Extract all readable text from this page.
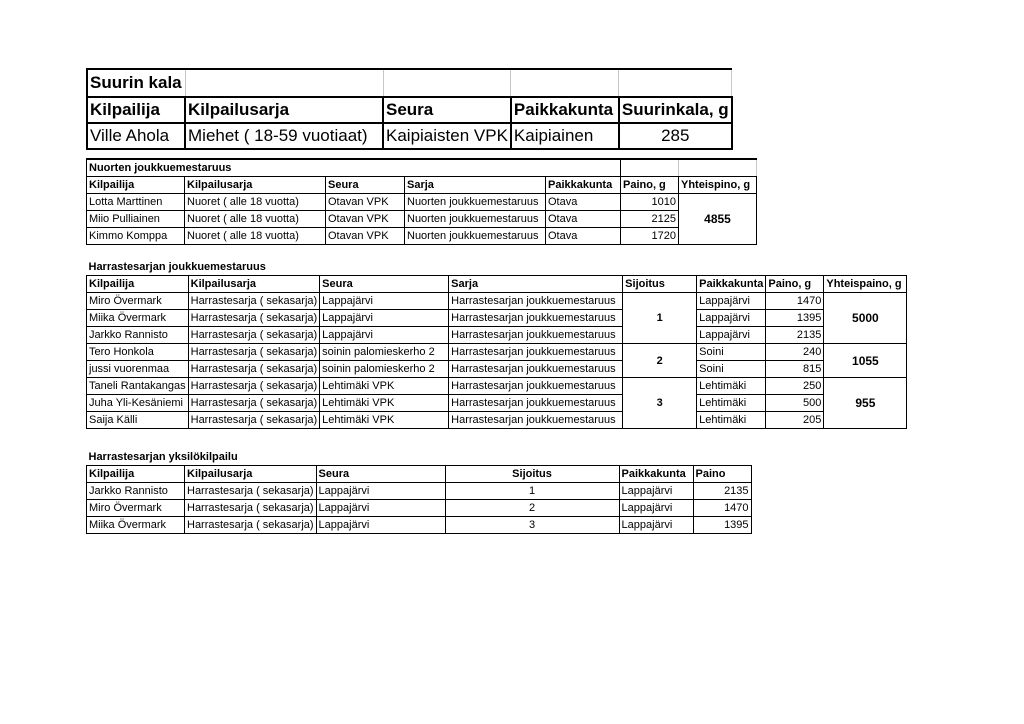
Suurin kala				
Kilpailija	Kilpailusarja	Seura	Paikkakunta	Suurinkala, g
Ville Ahola	Miehet ( 18-59 vuotiaat)	Kaipiaisten VPK	Kaipiainen	285
Nuorten joukkuemestaruus						
Kilpailija	Kilpailusarja	Seura	Sarja	Paikkakunta	Paino, g	Yhteispino, g
Lotta Marttinen	Nuoret ( alle 18 vuotta)	Otavan VPK	Nuorten joukkuemestaruus	Otava	1010	4855
Miio Pulliainen	Nuoret ( alle 18 vuotta)	Otavan VPK	Nuorten joukkuemestaruus	Otava	2125	
Kimmo Komppa	Nuoret ( alle 18 vuotta)	Otavan VPK	Nuorten joukkuemestaruus	Otava	1720	
Harrastesarjan joukkuemestaruus							
Kilpailija	Kilpailusarja	Seura	Sarja	Sijoitus	Paikkakunta	Paino, g	Yhteispaino, g
Miro Övermark	Harrastesarja ( sekasarja)	Lappajärvi	Harrastesarjan joukkuemestaruus	1	Lappajärvi	1470	5000
Miika Övermark	Harrastesarja ( sekasarja)	Lappajärvi	Harrastesarjan joukkuemestaruus		Lappajärvi	1395	
Jarkko Rannisto	Harrastesarja ( sekasarja)	Lappajärvi	Harrastesarjan joukkuemestaruus		Lappajärvi	2135	
Tero Honkola	Harrastesarja ( sekasarja)	soinin palomieskerho 2	Harrastesarjan joukkuemestaruus	2	Soini	240	1055
jussi vuorenmaa	Harrastesarja ( sekasarja)	soinin palomieskerho 2	Harrastesarjan joukkuemestaruus		Soini	815	
Taneli Rantakangas	Harrastesarja ( sekasarja)	Lehtimäki VPK	Harrastesarjan joukkuemestaruus	3	Lehtimäki	250	955
Juha Yli-Kesäniemi	Harrastesarja ( sekasarja)	Lehtimäki VPK	Harrastesarjan joukkuemestaruus		Lehtimäki	500	
Saija Källi	Harrastesarja ( sekasarja)	Lehtimäki VPK	Harrastesarjan joukkuemestaruus		Lehtimäki	205	
Harrastesarjan yksilökilpailu					
Kilpailija	Kilpailusarja	Seura	Sijoitus	Paikkakunta	Paino
Jarkko Rannisto	Harrastesarja ( sekasarja)	Lappajärvi	1	Lappajärvi	2135
Miro Övermark	Harrastesarja ( sekasarja)	Lappajärvi	2	Lappajärvi	1470
Miika Övermark	Harrastesarja ( sekasarja)	Lappajärvi	3	Lappajärvi	1395
